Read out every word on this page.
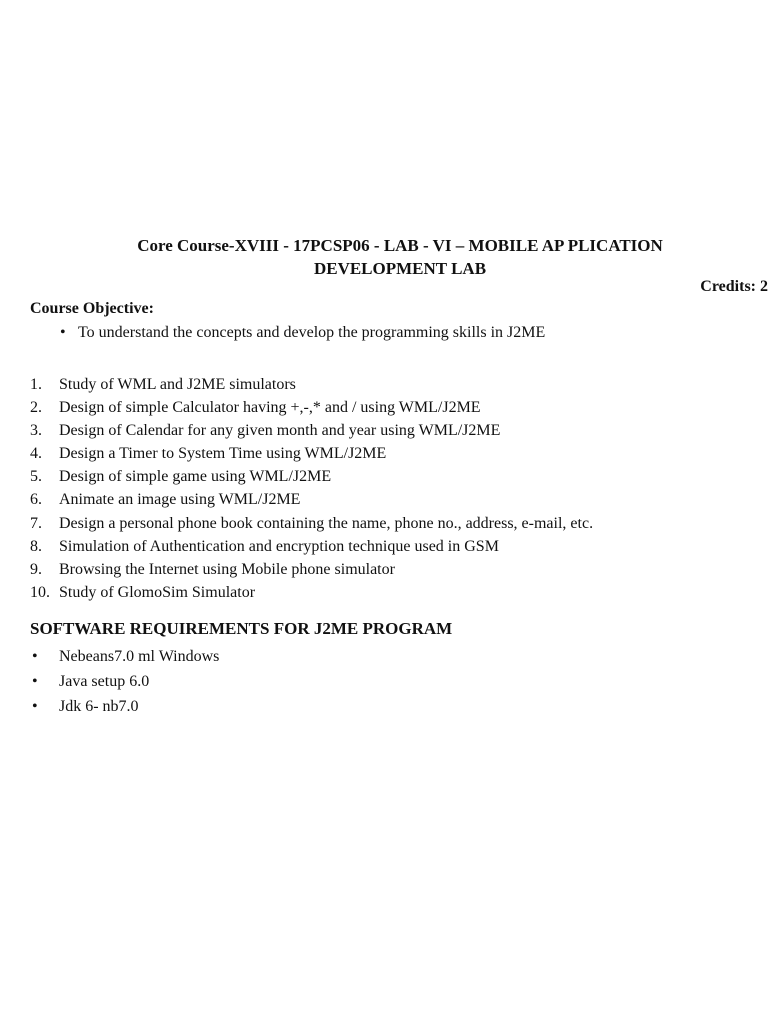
Core Course-XVIII - 17PCSP06 - LAB - VI – MOBILE AP PLICATION
DEVELOPMENT LAB
Credits: 2
Course Objective:
• To understand the concepts and develop the programming skills in J2ME
1. Study of WML and J2ME simulators
2. Design of simple Calculator having +,-,* and / using WML/J2ME
3. Design of Calendar for any given month and year using WML/J2ME
4. Design a Timer to System Time using WML/J2ME
5. Design of simple game using WML/J2ME
6. Animate an image using WML/J2ME
7. Design a personal phone book containing the name, phone no., address, e-mail, etc.
8. Simulation of Authentication and encryption technique used in GSM
9. Browsing the Internet using Mobile phone simulator
10. Study of GlomoSim Simulator
SOFTWARE REQUIREMENTS FOR J2ME PROGRAM
• Nebeans7.0 ml Windows
• Java setup 6.0
• Jdk 6- nb7.0
